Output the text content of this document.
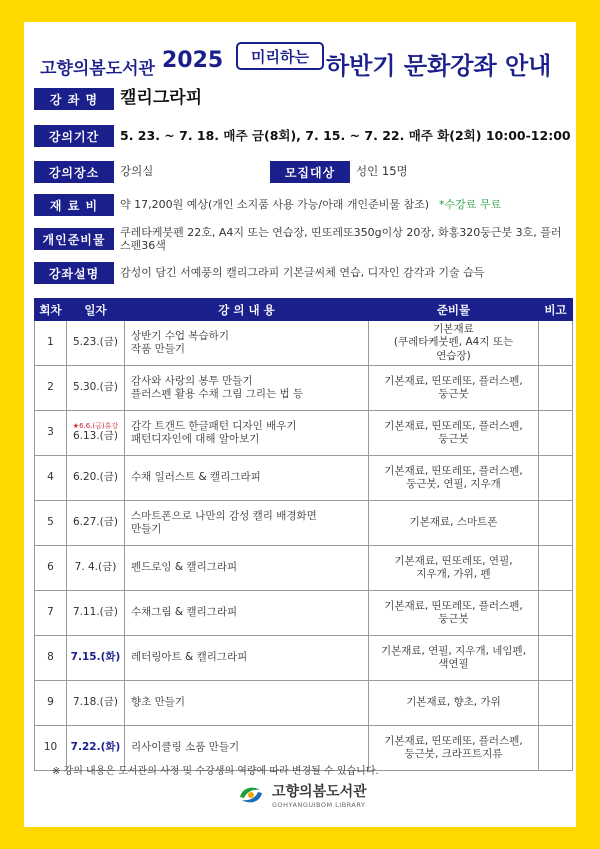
고향의봄도서관 2025	미리하는 하반기 문화강좌 안내
강 좌 명	캘리그라피
강의기간	5. 23. ~ 7. 18. 매주 금(8회), 7. 15. ~ 7. 22. 매주 화(2회) 10:00-12:00
강의장소	강의실	모집대상	성인 15명
재 료 비	약 17,200원 예상(개인 소지품 사용 가능/아래 개인준비물 참조) *수강료 무료
개인준비물	쿠레타케붓펜 22호, A4지 또는 연습장, 띤또레또350g이상 20장, 화홍320둥근붓 3호, 플러스펜36색
강좌설명	감성이 담긴 서예풍의 캘리그라피 기본글씨체 연습, 디자인 감각과 기술 습득
회차	일자	강 의 내 용	준비물	비고
1	5.23.(금)	상반기 수업 복습하기
작품 만들기	기본재료
(쿠레타케붓펜, A4지 또는
연습장)	
2	5.30.(금)	감사와 사랑의 봉투 만들기
플러스펜 활용 수채 그림 그리는 법 등	기본재료, 띤또레또, 플러스펜,
둥근붓	
3	★6.6.(금)휴강
6.13.(금)	감각 트갠드 한글패턴 디자인 배우기
패턴디자인에 대해 알아보기	기본재료, 띤또레또, 플러스펜,
둥근붓	
4	6.20.(금)	수채 일러스트 & 캘리그라피	기본재료, 띤또레또, 플러스펜,
둥근붓, 연필, 지우개	
5	6.27.(금)	스마트폰으로 나만의 감성 캘리 배경화면
만들기	기본재료, 스마트폰	
6	7. 4.(금)	펜드로잉 & 캘리그라피	기본재료, 띤또레또, 연필,
지우개, 가위, 펜	
7	7.11.(금)	수채그림 & 캘리그라피	기본재료, 띤또레또, 플러스펜,
둥근붓	
8	7.15.(화)	레터링아트 & 캘리그라피	기본재료, 연필, 지우개, 네임펜,
색연필	
9	7.18.(금)	향초 만들기	기본재료, 향초, 가위	
10	7.22.(화)	리사이클링 소품 만들기	기본재료, 띤또레또, 플러스펜,
둥근붓, 크라프트지류	
※ 강의 내용은 도서관의 사정 및 수강생의 역량에 따라 변경될 수 있습니다.
고향의봄도서관
GOHYANGUIBOM LIBRARY
